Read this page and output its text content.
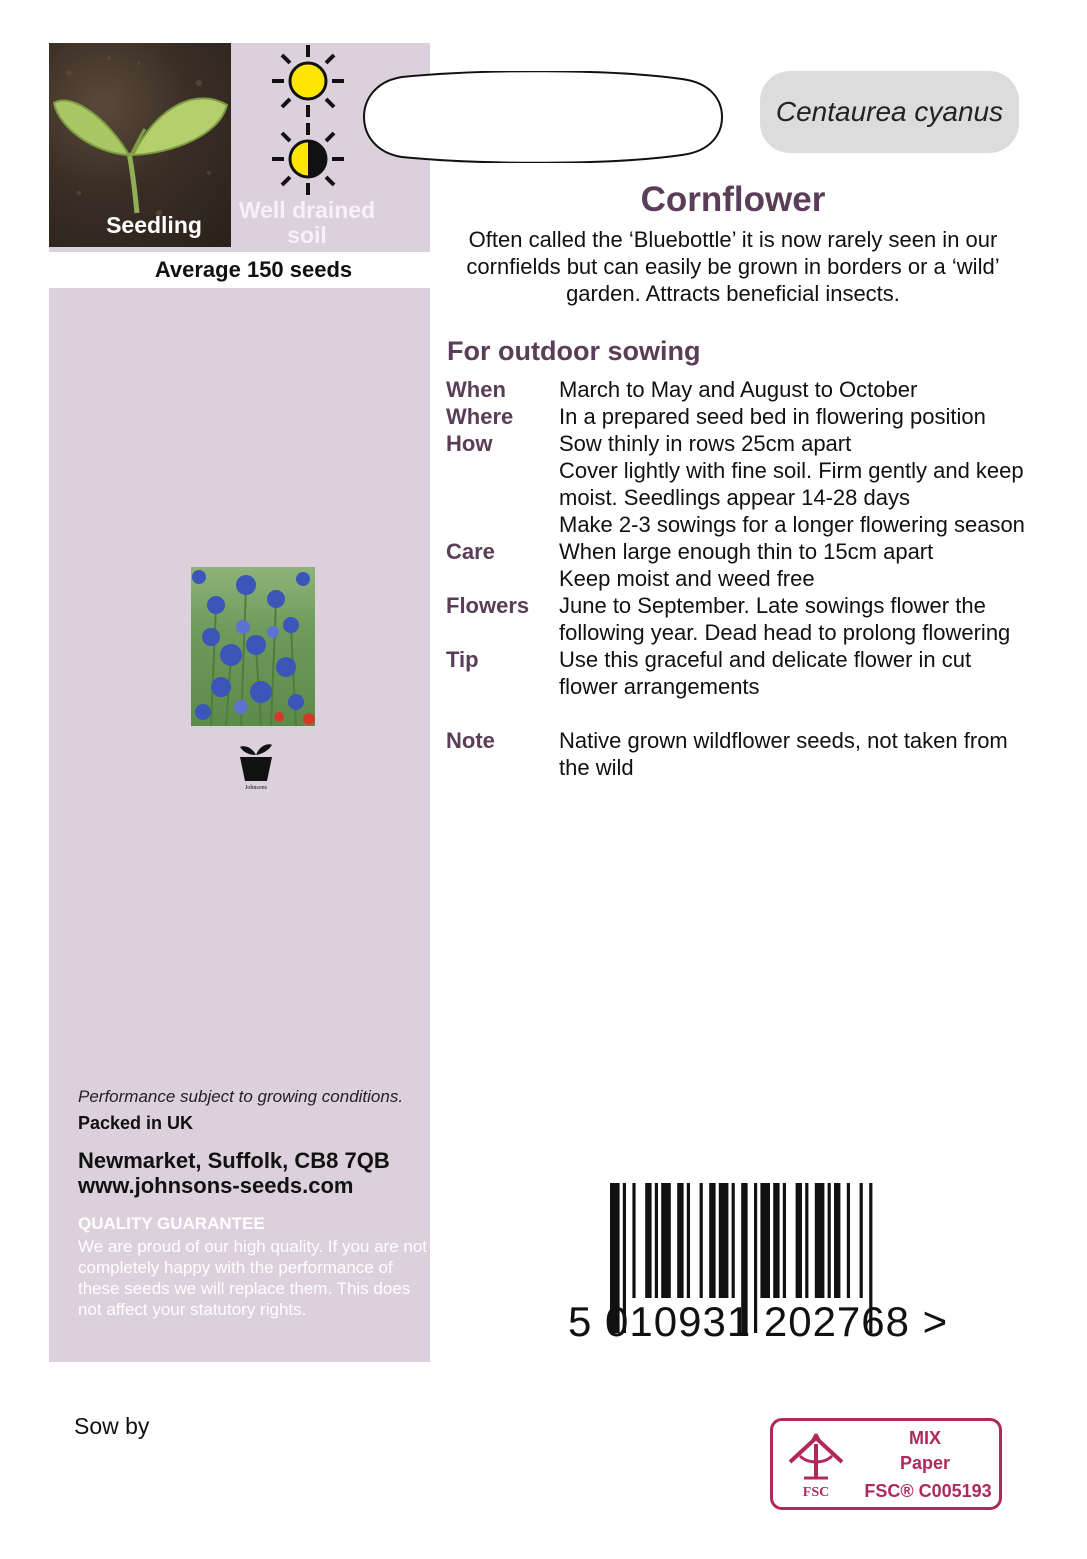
Seedling
Well drained soil
Average 150 seeds
Johnsons
Performance subject to growing conditions.
Packed in UK
Newmarket, Suffolk, CB8 7QB
www.johnsons-seeds.com
QUALITY GUARANTEE
We are proud of our high quality. If you are not completely happy with the performance of these seeds we will replace them. This does not affect your statutory rights.
Sow by
Centaurea cyanus
Cornflower
Often called the ‘Bluebottle’ it is now rarely seen in our cornfields but can easily be grown in borders or a ‘wild’ garden. Attracts beneficial insects.
For outdoor sowing
When	March to May and August to October
Where	In a prepared seed bed in flowering position
How	Sow thinly in rows 25cm apart
	Cover lightly with fine soil. Firm gently and keep moist. Seedlings appear 14-28 days
	Make 2-3 sowings for a longer flowering season
Care	When large enough thin to 15cm apart
	Keep moist and weed free
Flowers	June to September. Late sowings flower the following year. Dead head to prolong flowering
Tip	Use this graceful and delicate flower in cut flower arrangements

Note	Native grown wildflower seeds, not taken from the wild
5 010931 202768 >
FSC
MIX
Paper
FSC® C005193
